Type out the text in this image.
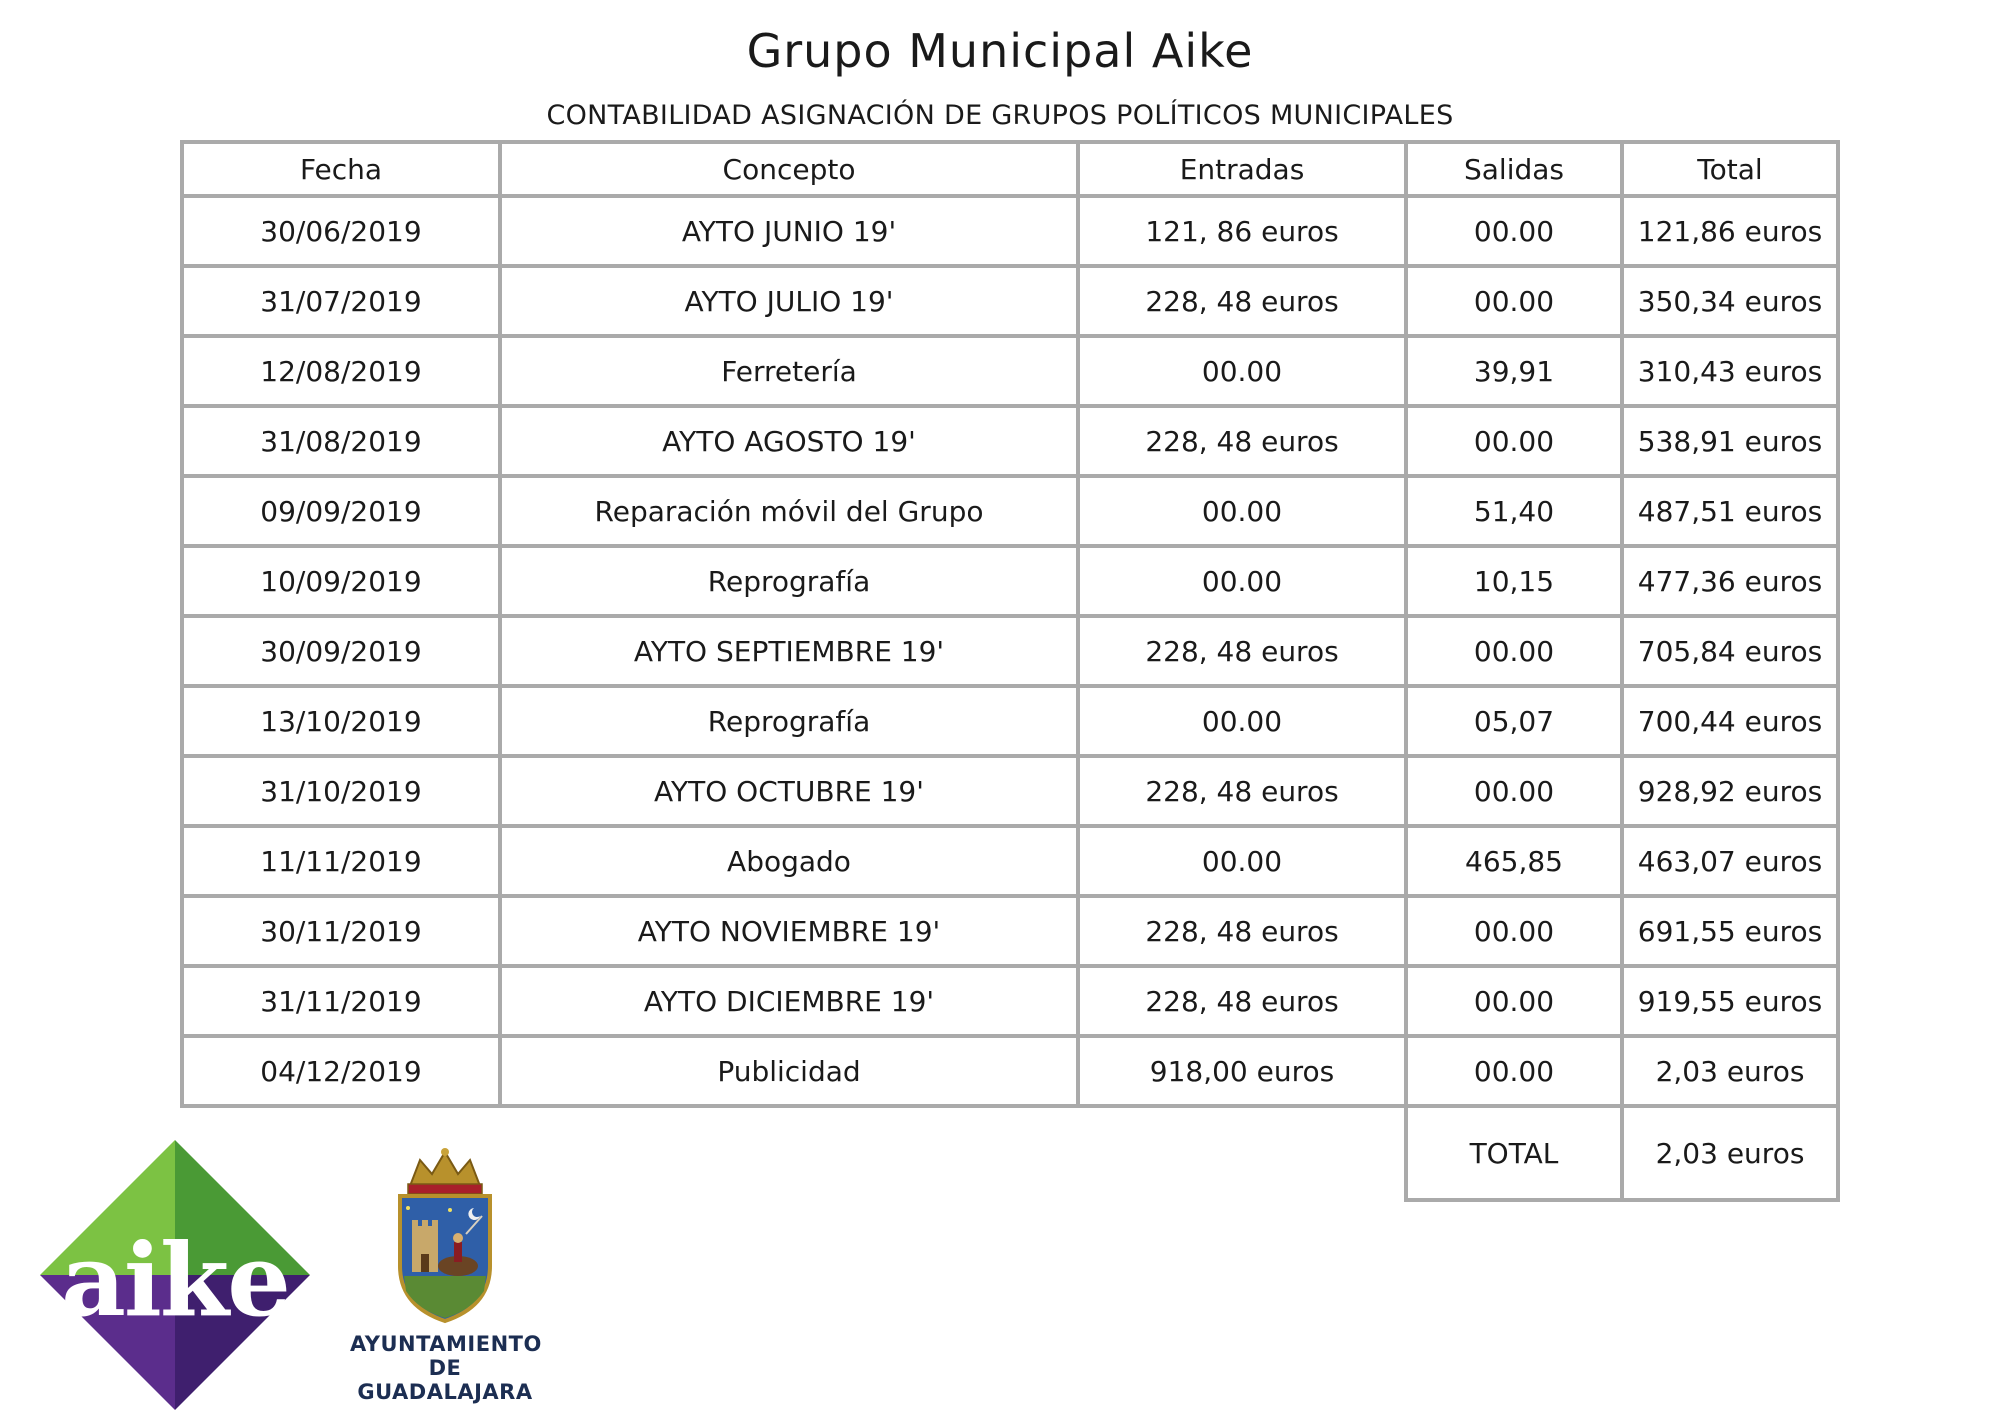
Grupo Municipal Aike
CONTABILIDAD ASIGNACIÓN DE GRUPOS POLÍTICOS MUNICIPALES
Fecha	Concepto	Entradas	Salidas	Total
30/06/2019	AYTO JUNIO 19'	121, 86 euros	00.00	121,86 euros
31/07/2019	AYTO JULIO 19'	228, 48 euros	00.00	350,34 euros
12/08/2019	Ferretería	00.00	39,91	310,43 euros
31/08/2019	AYTO AGOSTO 19'	228, 48 euros	00.00	538,91 euros
09/09/2019	Reparación móvil del Grupo	00.00	51,40	487,51 euros
10/09/2019	Reprografía	00.00	10,15	477,36 euros
30/09/2019	AYTO SEPTIEMBRE 19'	228, 48 euros	00.00	705,84 euros
13/10/2019	Reprografía	00.00	05,07	700,44 euros
31/10/2019	AYTO OCTUBRE 19'	228, 48 euros	00.00	928,92 euros
11/11/2019	Abogado	00.00	465,85	463,07 euros
30/11/2019	AYTO NOVIEMBRE 19'	228, 48 euros	00.00	691,55 euros
31/11/2019	AYTO DICIEMBRE 19'	228, 48 euros	00.00	919,55 euros
04/12/2019	Publicidad	918,00 euros	00.00	2,03 euros
			TOTAL	2,03 euros
aike
AYUNTAMIENTO
DE GUADALAJARA
